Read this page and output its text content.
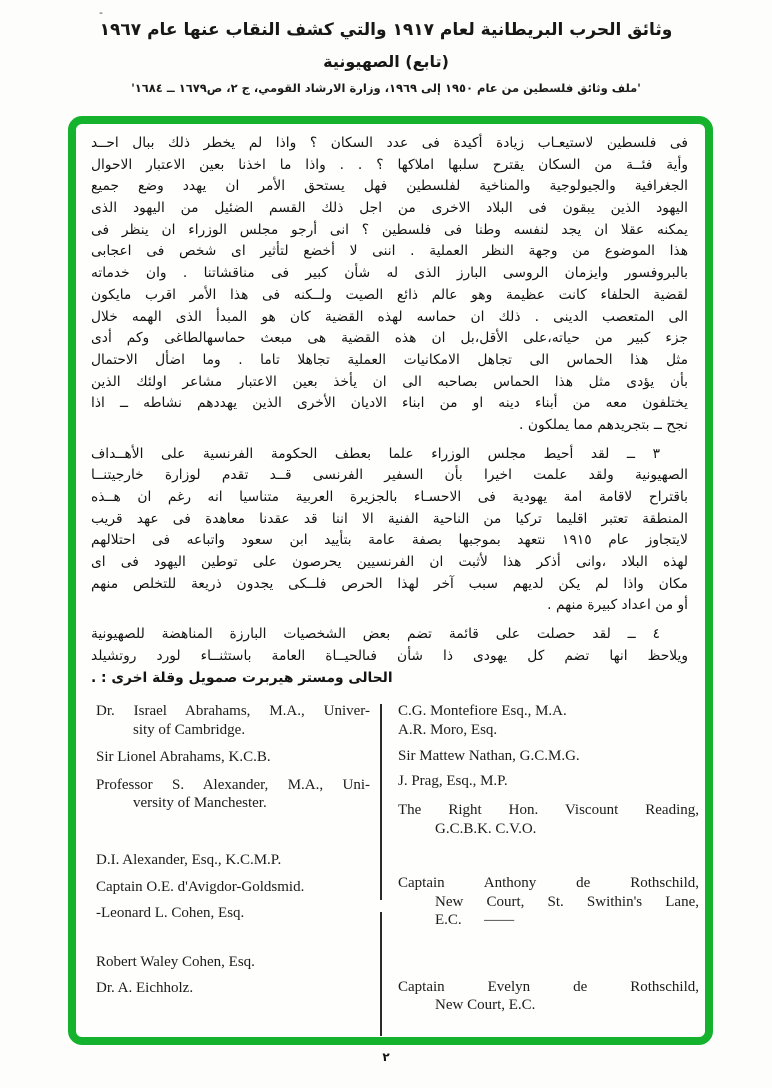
-
وثائق الحرب البريطانية لعام ١٩١٧ والتي كشف النقاب عنها عام ١٩٦٧
(تابع) الصهيونية
'ملف وثائق فلسطين من عام ١٩٥٠ إلى ١٩٦٩، وزارة الارشاد القومي، ج ٢، ص١٦٧٩ ــ ١٦٨٤'
فى فلسطين لاستيعـاب زيادة أكيدة فى عدد السكان ؟ واذا لم يخطر ذلك ببال احــد
وأية فئــة من السكان يقترح سلبها املاكها ؟ . . واذا ما اخذنا بعين الاعتبار الاحوال
الجغرافية والجيولوجية والمناخية لفلسطين فهل يستحق الأمر ان يهدد وضع جميع
اليهود الذين يبقون فى البلاد الاخرى من اجل ذلك القسم الضئيل من اليهود الذى
يمكنه عقلا ان يجد لنفسه وطنا فى فلسطين ؟ انى أرجو مجلس الوزراء ان ينظر فى
هذا الموضوع من وجهة النظر العملية . اننى لا أخضع لتأثير اى شخص فى اعجابى
بالبروفسور وايزمان الروسى البارز الذى له شأن كبير فى مناقشاتنا . وان خدماته
لقضية الحلفاء كانت عظيمة وهو عالم ذائع الصيت ولــكنه فى هذا الأمر اقرب مايكون
الى المتعصب الدينى . ذلك ان حماسه لهذه القضية كان هو المبدأ الذى الهمه خلال
جزء كبير من حياته،على الأقل،بل ان هذه القضية هى مبعث حماسهالطاغى وكم أدى
مثل هذا الحماس الى تجاهل الامكانيات العملية تجاهلا تاما . وما اضأل الاحتمال
بأن يؤدى مثل هذا الحماس بصاحبه الى ان يأخذ بعين الاعتبار مشاعر اولئك الذين
يختلفون معه من أبناء دينه او من ابناء الاديان الأخرى الذين يهددهم نشاطه ــ اذا
نجح ــ بتجريدهم مما يملكون .
٣ ــ لقد أحيط مجلس الوزراء علما بعطف الحكومة الفرنسية على الأهــداف
الصهيونية ولقد علمت اخيرا بأن السفير الفرنسى قــد تقدم لوزارة خارجيتنــا
باقتراح لاقامة امة يهودية فى الاحسـاء بالجزيرة العربية متناسيا انه رغم ان هــذه
المنطقة تعتبر اقليما تركيا من الناحية الفنية الا اننا قد عقدنا معاهدة فى عهد قريب
لايتجاوز عام ١٩١٥ نتعهد بموجبها بصفة عامة بتأييد ابن سعود واتباعه فى احتلالهم
لهذه البلاد ،وانى أذكر هذا لأثبت ان الفرنسيين يحرصون على توطين اليهود فى اى
مكان واذا لم يكن لديهم سبب آخر لهذا الحرص فلــكى يجدون ذريعة للتخلص منهم
أو من اعداد كبيرة منهم .
٤ ــ لقد حصلت على قائمة تضم بعض الشخصيات البارزة المناهضة للصهيونية
ويلاحظ انها تضم كل يهودى ذا شأن فىالحيــاة العامة باستثنــاء لورد روتشيلد
الحالى ومستر هيربرت صمويل وقلة اخرى : .
Dr. Israel Abrahams, M.A., Univer-
sity of Cambridge.
Sir Lionel Abrahams, K.C.B.
Professor S. Alexander, M.A., Uni-
versity of Manchester.
D.I. Alexander, Esq., K.C.M.P.
Captain O.E. d'Avigdor-Goldsmid.
-Leonard L. Cohen, Esq.
Robert Waley Cohen, Esq.
Dr. A. Eichholz.
C.G. Montefiore Esq., M.A.
A.R. Moro, Esq.
Sir Mattew Nathan, G.C.M.G.
J. Prag, Esq., M.P.
The Right Hon. Viscount Reading,
G.C.B.K. C.V.O.
Captain Anthony de Rothschild,
New Court, St. Swithin's Lane,
E.C.      ——
Captain Evelyn de Rothschild,
New Court, E.C.
٢
